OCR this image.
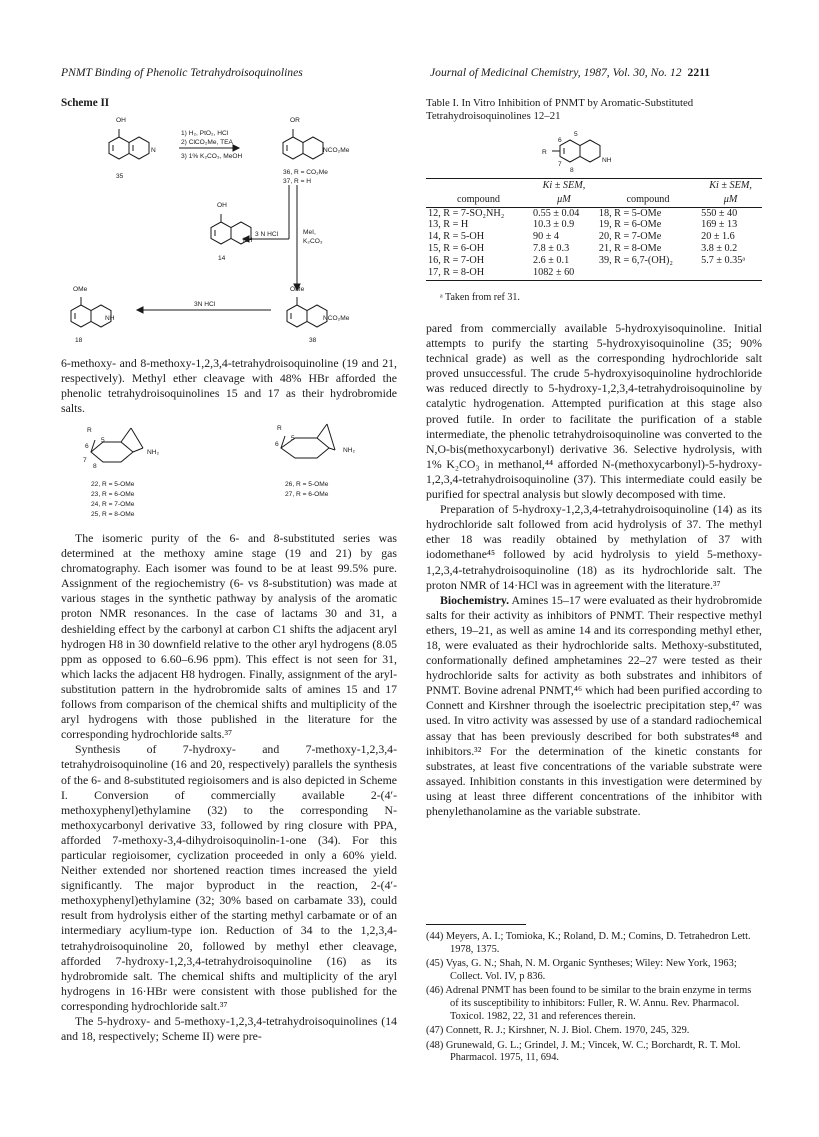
PNMT Binding of Phenolic Tetrahydroisoquinolines	Journal of Medicinal Chemistry, 1987, Vol. 30, No. 12 2211
Scheme II
OH
N
35
1) H₂, PtO₂, HCl
2) ClCO₂Me, TEA
3) 1% K₂CO₃, MeOH
OR
NCO₂Me
36, R = CO₂Me
37, R = H
3 N HCl	MeI,
K₂CO₃
OH
NH
14
OMe
NCO₂Me
38
3N HCl
OMe
NH
18

6-methoxy- and 8-methoxy-1,2,3,4-tetrahydroisoquinoline (19 and 21, respectively). Methyl ether cleavage with 48% HBr afforded the phenolic tetrahydroisoquinolines 15 and 17 as their hydrobromide salts.

R
5
6
7
8
NH₂
R
5
6
NH₂
22, R = 5-OMe
23, R = 6-OMe
24, R = 7-OMe
25, R = 8-OMe
26, R = 5-OMe
27, R = 6-OMe

The isomeric purity of the 6- and 8-substituted series was determined at the methoxy amine stage (19 and 21) by gas chromatography. Each isomer was found to be at least 99.5% pure. Assignment of the regiochemistry (6- vs 8-substitution) was made at various stages in the synthetic pathway by analysis of the aromatic proton NMR resonances. In the case of lactams 30 and 31, a deshielding effect by the carbonyl at carbon C1 shifts the adjacent aryl hydrogen H8 in 30 downfield relative to the other aryl hydrogens (8.05 ppm as opposed to 6.60–6.96 ppm). This effect is not seen for 31, which lacks the adjacent H8 hydrogen. Finally, assignment of the aryl-substitution pattern in the hydrobromide salts of amines 15 and 17 follows from comparison of the chemical shifts and multiplicity of the aryl hydrogens with those published in the literature for the corresponding hydrochloride salts.³⁷

Synthesis of 7-hydroxy- and 7-methoxy-1,2,3,4-tetrahydroisoquinoline (16 and 20, respectively) parallels the synthesis of the 6- and 8-substituted regioisomers and is also depicted in Scheme I. Conversion of commercially available 2-(4′-methoxyphenyl)ethylamine (32) to the corresponding N-methoxycarbonyl derivative 33, followed by ring closure with PPA, afforded 7-methoxy-3,4-dihydroisoquinolin-1-one (34). For this particular regioisomer, cyclization proceeded in only a 60% yield. Neither extended nor shortened reaction times increased the yield significantly. The major byproduct in the reaction, 2-(4′-methoxyphenyl)ethylamine (32; 30% based on carbamate 33), could result from hydrolysis either of the starting methyl carbamate or of an intermediary acylium-type ion. Reduction of 34 to the 1,2,3,4-tetrahydroisoquinoline 20, followed by methyl ether cleavage, afforded 7-hydroxy-1,2,3,4-tetrahydroisoquinoline (16) as its hydrobromide salt. The chemical shifts and multiplicity of the aryl hydrogens in 16·HBr were consistent with those published for the corresponding hydrochloride salt.³⁷

The 5-hydroxy- and 5-methoxy-1,2,3,4-tetrahydroisoquinolines (14 and 18, respectively; Scheme II) were pre-

Table I. In Vitro Inhibition of PNMT by Aromatic-Substituted Tetrahydroisoquinolines 12–21
R
NH
5
6
7
8
	Ki ± SEM,		Ki ± SEM,
compound	μM	compound	μM
12, R = 7-SO₂NH₂	0.55 ± 0.04	18, R = 5-OMe	550 ± 40
13, R = H	10.3 ± 0.9	19, R = 6-OMe	169 ± 13
14, R = 5-OH	90 ± 4	20, R = 7-OMe	20 ± 1.6
15, R = 6-OH	7.8 ± 0.3	21, R = 8-OMe	3.8 ± 0.2
16, R = 7-OH	2.6 ± 0.1	39, R = 6,7-(OH)₂	5.7 ± 0.35ᵃ
17, R = 8-OH	1082 ± 60		
ᵃ Taken from ref 31.

pared from commercially available 5-hydroxyisoquinoline. Initial attempts to purify the starting 5-hydroxyisoquinoline (35; 90% technical grade) as well as the corresponding hydrochloride salt proved unsuccessful. The crude 5-hydroxyisoquinoline hydrochloride was reduced directly to 5-hydroxy-1,2,3,4-tetrahydroisoquinoline by catalytic hydrogenation. Attempted purification at this stage also proved futile. In order to facilitate the purification of a stable intermediate, the phenolic tetrahydroisoquinoline was converted to the N,O-bis(methoxycarbonyl) derivative 36. Selective hydrolysis, with 1% K₂CO₃ in methanol,⁴⁴ afforded N-(methoxycarbonyl)-5-hydroxy-1,2,3,4-tetrahydroisoquinoline (37). This intermediate could easily be purified for spectral analysis but slowly decomposed with time.

Preparation of 5-hydroxy-1,2,3,4-tetrahydroisoquinoline (14) as its hydrochloride salt followed from acid hydrolysis of 37. The methyl ether 18 was readily obtained by methylation of 37 with iodomethane⁴⁵ followed by acid hydrolysis to yield 5-methoxy-1,2,3,4-tetrahydroisoquinoline (18) as its hydrochloride salt. The proton NMR of 14·HCl was in agreement with the literature.³⁷

Biochemistry. Amines 15–17 were evaluated as their hydrobromide salts for their activity as inhibitors of PNMT. Their respective methyl ethers, 19–21, as well as amine 14 and its corresponding methyl ether, 18, were evaluated as their hydrochloride salts. Methoxy-substituted, conformationally defined amphetamines 22–27 were tested as their hydrochloride salts for activity as both substrates and inhibitors of PNMT. Bovine adrenal PNMT,⁴⁶ which had been purified according to Connett and Kirshner through the isoelectric precipitation step,⁴⁷ was used. In vitro activity was assessed by use of a standard radiochemical assay that has been previously described for both substrates⁴⁸ and inhibitors.³² For the determination of the kinetic constants for substrates, at least five concentrations of the variable substrate were assayed. Inhibition constants in this investigation were determined by using at least three different concentrations of the inhibitor with phenylethanolamine as the variable substrate.

(44) Meyers, A. I.; Tomioka, K.; Roland, D. M.; Comins, D. Tetrahedron Lett. 1978, 1375.
(45) Vyas, G. N.; Shah, N. M. Organic Syntheses; Wiley: New York, 1963; Collect. Vol. IV, p 836.
(46) Adrenal PNMT has been found to be similar to the brain enzyme in terms of its susceptibility to inhibitors: Fuller, R. W. Annu. Rev. Pharmacol. Toxicol. 1982, 22, 31 and references therein.
(47) Connett, R. J.; Kirshner, N. J. Biol. Chem. 1970, 245, 329.
(48) Grunewald, G. L.; Grindel, J. M.; Vincek, W. C.; Borchardt, R. T. Mol. Pharmacol. 1975, 11, 694.
